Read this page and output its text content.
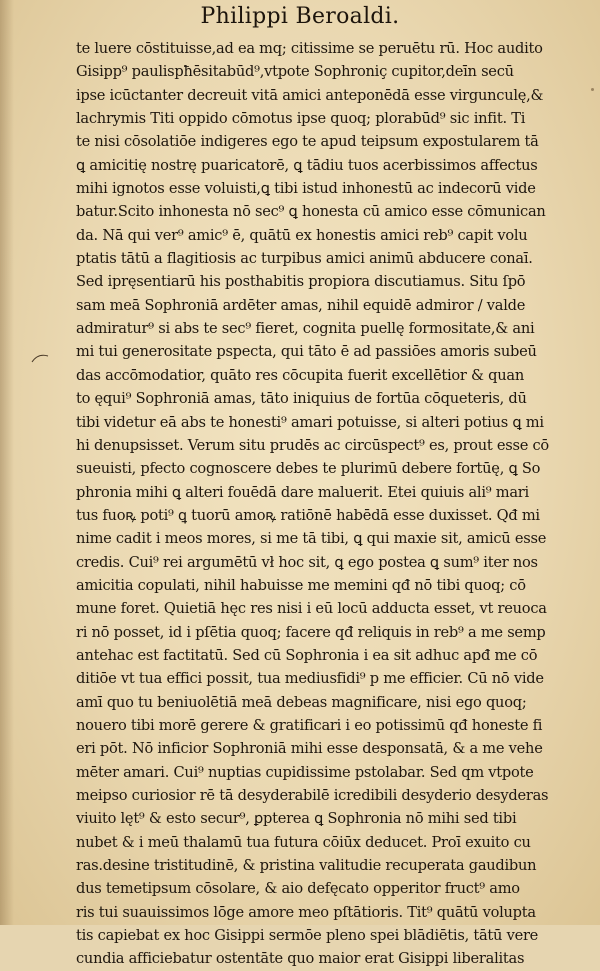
Philippi Beroaldi.
te luere cōstituisse,ad ea mq; citissime se peruētu rū. Hoc audito
Gisipp⁹ paulispħēsitabūd⁹,vtpote Sophroniç cupitor,deīn secū
ipse icūctanter decreuit vitā amici anteponēdā esse virgunculę,&
lachrymis Titi oppido cōmotus ipse quoq; plorabūd⁹ sic infit. Ti
te nisi cōsolatiōe indigeres ego te apud teipsum expostularem tā
ꝗ amicitię nostrę puaricatorē, ꝗ tādiu tuos acerbissimos affectus
mihi ignotos esse voluisti,ꝗ tibi istud inhonestū ac indecorū vide
batur.Scito inhonesta nō sec⁹ ꝗ honesta cū amico esse cōmunican
da. Nā qui ver⁹ amic⁹ ē, quātū ex honestis amici reb⁹ capit volu
ptatis tātū a flagitiosis ac turpibus amici animū abducere conaī.
Sed ipręsentiarū his posthabitis propiora discutiamus. Situ ſpō
sam meā Sophroniā ardēter amas, nihil equidē admiror / valde
admiratur⁹ si abs te sec⁹ fieret, cognita puellę formositate,& ani
mi tui generositate pspecta, qui tāto ē ad passiōes amoris subeū
das accōmodatior, quāto res cōcupita fuerit excellētior & quan
to ęqui⁹ Sophroniā amas, tāto iniquius de fortūa cōqueteris, dū
tibi videtur eā abs te honesti⁹ amari potuisse, si alteri potius ꝗ mi
hi denupsisset. Verum situ prudēs ac circūspect⁹ es, prout esse cō
sueuisti, pfecto cognoscere debes te plurimū debere fortūę, ꝗ So
phronia mihi ꝗ alteri fouēdā dare maluerit. Etei quiuis ali⁹ mari
tus fuoꝶ poti⁹ ꝗ tuorū amoꝶ ratiōnē habēdā esse duxisset. Qđ mi
nime cadit i meos mores, si me tā tibi, ꝗ qui maxie sit, amicū esse
credis. Cui⁹ rei argumētū vł hoc sit, ꝗ ego postea ꝗ sum⁹ iter nos
amicitia copulati, nihil habuisse me memini qđ nō tibi quoq; cō
mune foret. Quietiā hęc res nisi i eū locū adducta esset, vt reuoca
ri nō posset, id i pſētia quoq; facere qđ reliquis in reb⁹ a me semp
antehac est factitatū. Sed cū Sophronia i ea sit adhuc apđ me cō
ditiōe vt tua effici possit, tua mediusfidi⁹ p me efficier. Cū nō vide
amī quo tu beniuolētiā meā debeas magnificare, nisi ego quoq;
nouero tibi morē gerere & gratificari i eo potissimū qđ honeste fi
eri pōt. Nō inficior Sophroniā mihi esse desponsatā, & a me vehe
mēter amari. Cui⁹ nuptias cupidissime pstolabar. Sed qm vtpote
meipso curiosior rē tā desyderabilē icredibili desyderio desyderas
viuito lęt⁹ & esto secur⁹, ꝑpterea ꝗ Sophronia nō mihi sed tibi
nubet & i meū thalamū tua futura cōiūx deducet. Proī exuito cu
ras.desine tristitudinē, & pristina valitudie recuperata gaudibun
dus temetipsum cōsolare, & aio defęcato opperitor fruct⁹ amo
ris tui suauissimos lōge amore meo pſtātioris. Tit⁹ quātū volupta
tis capiebat ex hoc Gisippi sermōe pleno spei blādiētis, tātū vere
cundia afficiebatur ostentāte quo maior erat Gisippi liberalitas
